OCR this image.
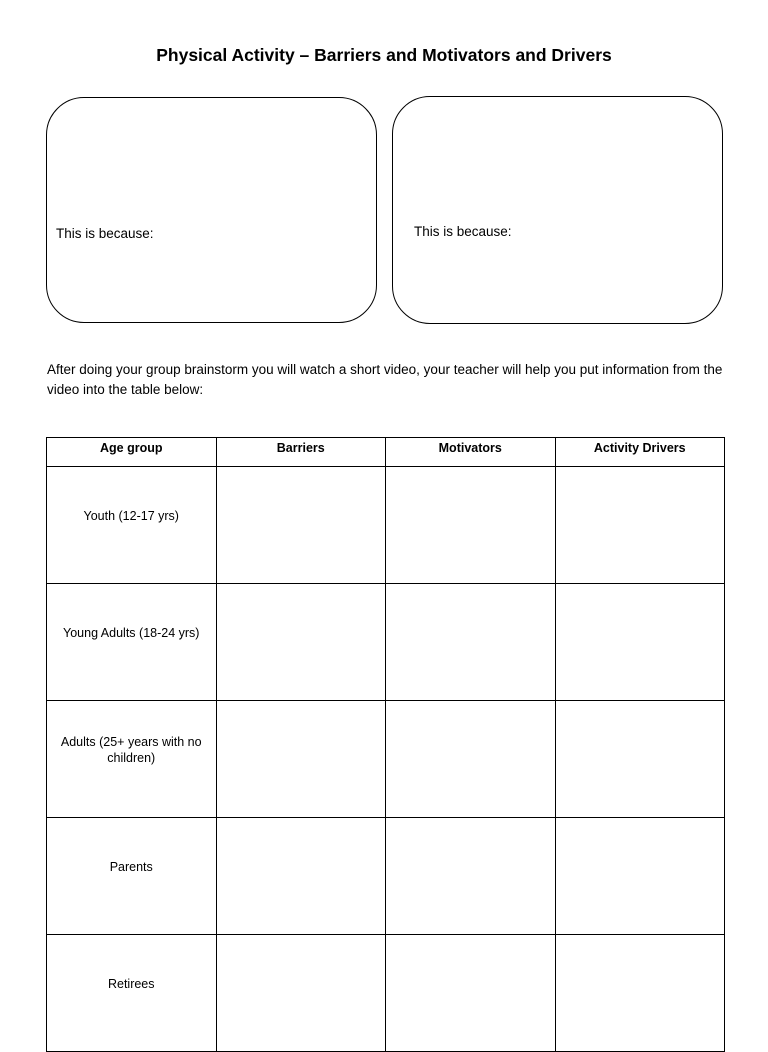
Physical Activity – Barriers and Motivators and Drivers
This is because:	This is because:
After doing your group brainstorm you will watch a short video, your teacher will help you put information from the video into the table below:
Age group	Barriers	Motivators	Activity Drivers
Youth (12-17 yrs)			
Young Adults (18-24 yrs)			
Adults (25+ years with no children)			
Parents			
Retirees			
